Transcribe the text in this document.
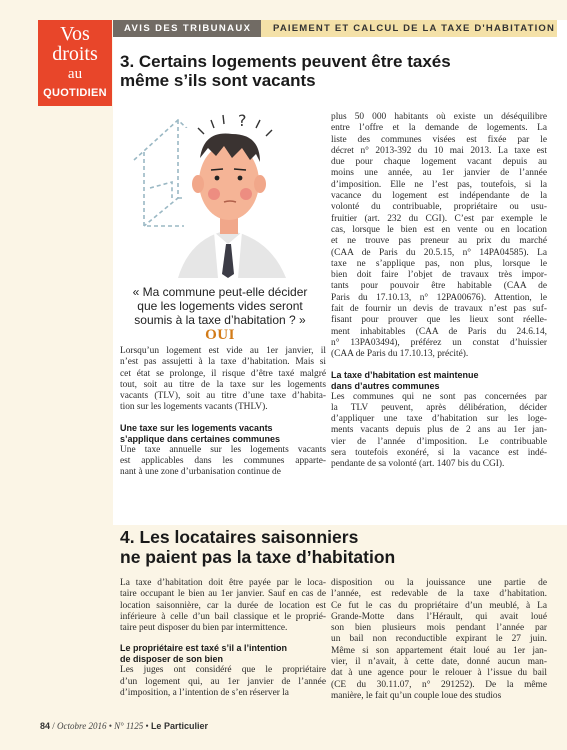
Vos
droits
au
QUOTIDIEN
AVIS DES TRIBUNAUX	PAIEMENT ET CALCUL DE LA TAXE D'HABITATION
3. Certains logements peuvent être taxés
même s’ils sont vacants
?
« Ma commune peut-elle décider
que les logements vides seront
soumis à la taxe d’habitation ? »
OUI
Lorsqu’un logement est vide au 1er janvier, il
n’est pas assujetti à la taxe d’habitation. Mais si
cet état se prolonge, il risque d’être taxé malgré
tout, soit au titre de la taxe sur les logements
vacants (TLV), soit au titre d’une taxe d’habita-
tion sur les logements vacants (THLV).
Une taxe sur les logements vacants
s’applique dans certaines communes
Une taxe annuelle sur les logements vacants
est applicables dans les communes apparte-
nant à une zone d’urbanisation continue de
plus 50 000 habitants où existe un déséquilibre
entre l’offre et la demande de logements. La
liste des communes visées est fixée par le
décret n° 2013-392 du 10 mai 2013. La taxe est
due pour chaque logement vacant depuis au
moins une année, au 1er janvier de l’année
d’imposition. Elle ne l’est pas, toutefois, si la
vacance du logement est indépendante de la
volonté du contribuable, propriétaire ou usu-
fruitier (art. 232 du CGI). C’est par exemple le
cas, lorsque le bien est en vente ou en location
et ne trouve pas preneur au prix du marché
(CAA de Paris du 20.5.15, n° 14PA04585). La
taxe ne s’applique pas, non plus, lorsque le
bien doit faire l’objet de travaux très impor-
tants pour pouvoir être habitable (CAA de
Paris du 17.10.13, n° 12PA00676). Attention, le
fait de fournir un devis de travaux n’est pas suf-
fisant pour prouver que les lieux sont réelle-
ment inhabitables (CAA de Paris du 24.6.14,
n° 13PA03494), préférez un constat d’huissier
(CAA de Paris du 17.10.13, précité).
La taxe d’habitation est maintenue
dans d’autres communes
Les communes qui ne sont pas concernées par
la TLV peuvent, après délibération, décider
d’appliquer une taxe d’habitation sur les loge-
ments vacants depuis plus de 2 ans au 1er jan-
vier de l’année d’imposition. Le contribuable
sera toutefois exonéré, si la vacance est indé-
pendante de sa volonté (art. 1407 bis du CGI).
4. Les locataires saisonniers
ne paient pas la taxe d’habitation
La taxe d’habitation doit être payée par le loca-
taire occupant le bien au 1er janvier. Sauf en cas de
location saisonnière, car la durée de location est
inférieure à celle d’un bail classique et le proprié-
taire peut disposer du bien par intermittence.
Le propriétaire est taxé s’il a l’intention
de disposer de son bien
Les juges ont considéré que le propriétaire
d’un logement qui, au 1er janvier de l’année
d’imposition, a l’intention de s’en réserver la
disposition ou la jouissance une partie de
l’année, est redevable de la taxe d’habitation.
Ce fut le cas du propriétaire d’un meublé, à La
Grande-Motte dans l’Hérault, qui avait loué
son bien plusieurs mois pendant l’année par
un bail non reconductible expirant le 27 juin.
Même si son appartement était loué au 1er jan-
vier, il n’avait, à cette date, donné aucun man-
dat à une agence pour le relouer à l’issue du bail
(CE du 30.11.07, n° 291252). De la même
manière, le fait qu’un couple loue des studios
84 / Octobre 2016 • N° 1125 • Le Particulier
